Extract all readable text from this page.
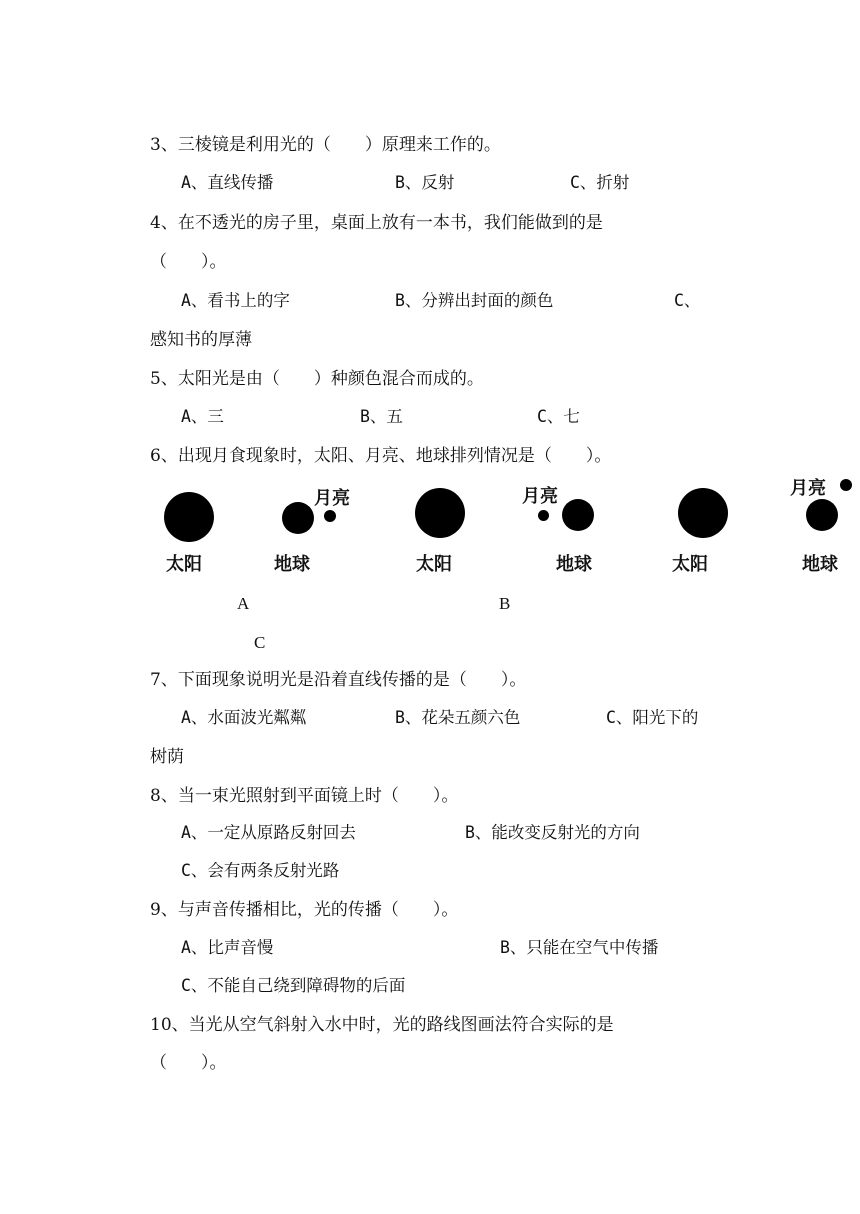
3、三棱镜是利用光的（　　）原理来工作的。
A、直线传播	B、反射	C、折射
4、在不透光的房子里，桌面上放有一本书，我们能做到的是
（　　）。
A、看书上的字	B、分辨出封面的颜色	C、
感知书的厚薄
5、太阳光是由（　　）种颜色混合而成的。
A、三	B、五	C、七
6、出现月食现象时，太阳、月亮、地球排列情况是（　　）。
太阳	地球
月亮
太阳	地球
月亮
太阳	地球
月亮
A	B
C
7、下面现象说明光是沿着直线传播的是（　　）。
A、水面波光粼粼	B、花朵五颜六色	C、阳光下的
树荫
8、当一束光照射到平面镜上时（　　）。
A、一定从原路反射回去	B、能改变反射光的方向
C、会有两条反射光路
9、与声音传播相比，光的传播（　　）。
A、比声音慢	B、只能在空气中传播
C、不能自己绕到障碍物的后面
10、当光从空气斜射入水中时，光的路线图画法符合实际的是
（　　）。
